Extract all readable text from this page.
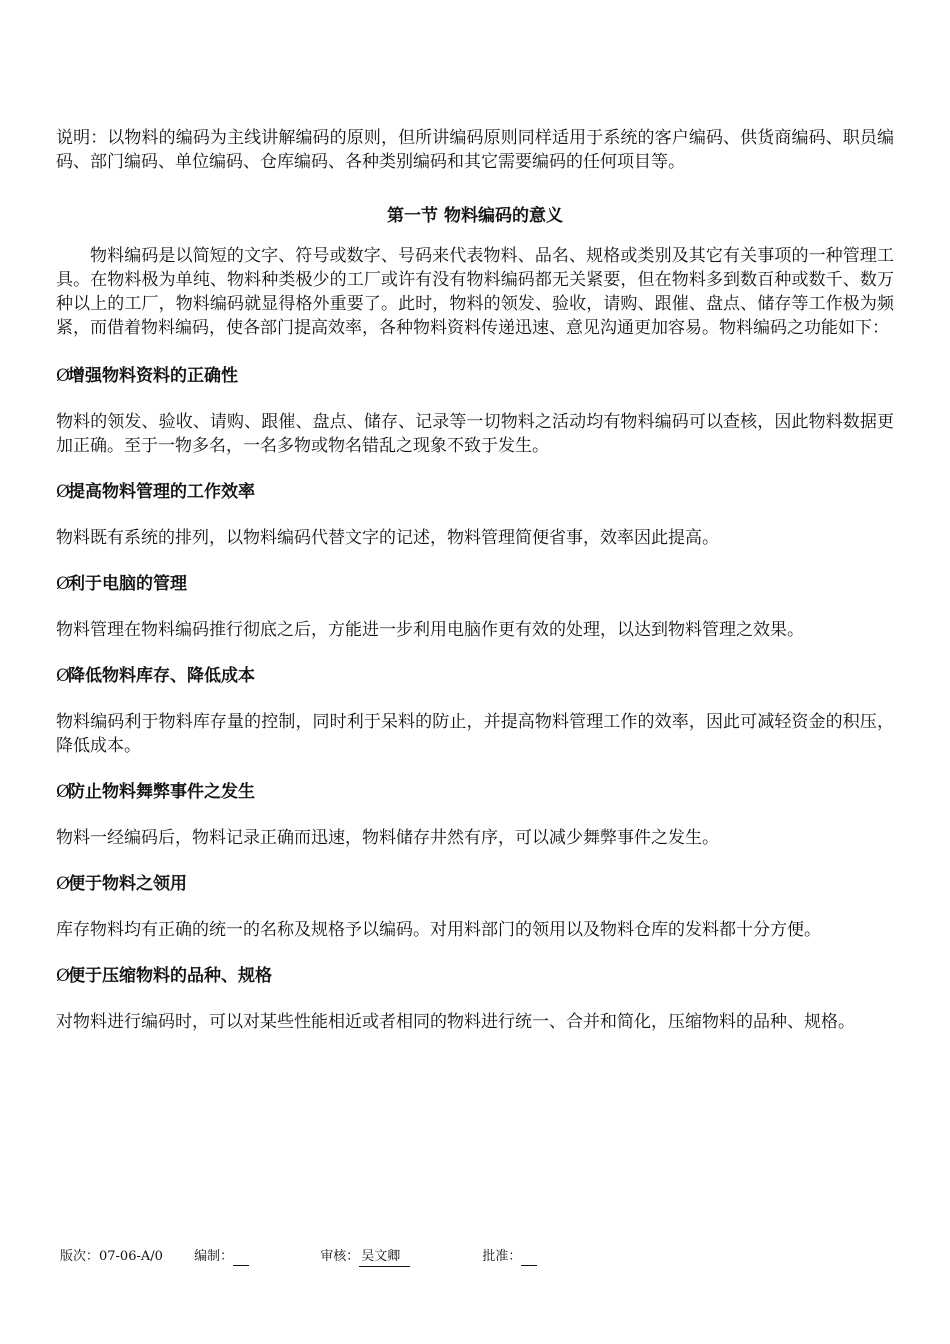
说明：以物料的编码为主线讲解编码的原则，但所讲编码原则同样适用于系统的客户编码、供货商编码、职员编码、部门编码、单位编码、仓库编码、各种类别编码和其它需要编码的任何项目等。

第一节 物料编码的意义

物料编码是以简短的文字、符号或数字、号码来代表物料、品名、规格或类别及其它有关事项的一种管理工具。在物料极为单纯、物料种类极少的工厂或许有没有物料编码都无关紧要，但在物料多到数百种或数千、数万种以上的工厂，物料编码就显得格外重要了。此时，物料的领发、验收，请购、跟催、盘点、储存等工作极为频紧，而借着物料编码，使各部门提高效率，各种物料资料传递迅速、意见沟通更加容易。物料编码之功能如下：

Ø增强物料资料的正确性

物料的领发、验收、请购、跟催、盘点、储存、记录等一切物料之活动均有物料编码可以查核，因此物料数据更加正确。至于一物多名，一名多物或物名错乱之现象不致于发生。

Ø提高物料管理的工作效率

物料既有系统的排列，以物料编码代替文字的记述，物料管理简便省事，效率因此提高。

Ø利于电脑的管理

物料管理在物料编码推行彻底之后，方能进一步利用电脑作更有效的处理，以达到物料管理之效果。

Ø降低物料库存、降低成本

物料编码利于物料库存量的控制，同时利于呆料的防止，并提高物料管理工作的效率，因此可减轻资金的积压，降低成本。

Ø防止物料舞弊事件之发生

物料一经编码后，物料记录正确而迅速，物料储存井然有序，可以减少舞弊事件之发生。

Ø便于物料之领用

库存物料均有正确的统一的名称及规格予以编码。对用料部门的领用以及物料仓库的发料都十分方便。

Ø便于压缩物料的品种、规格

对物料进行编码时，可以对某些性能相近或者相同的物料进行统一、合并和简化，压缩物料的品种、规格。

版次：07-06-A/0 编制：	审核： 吴文卿	批准：
